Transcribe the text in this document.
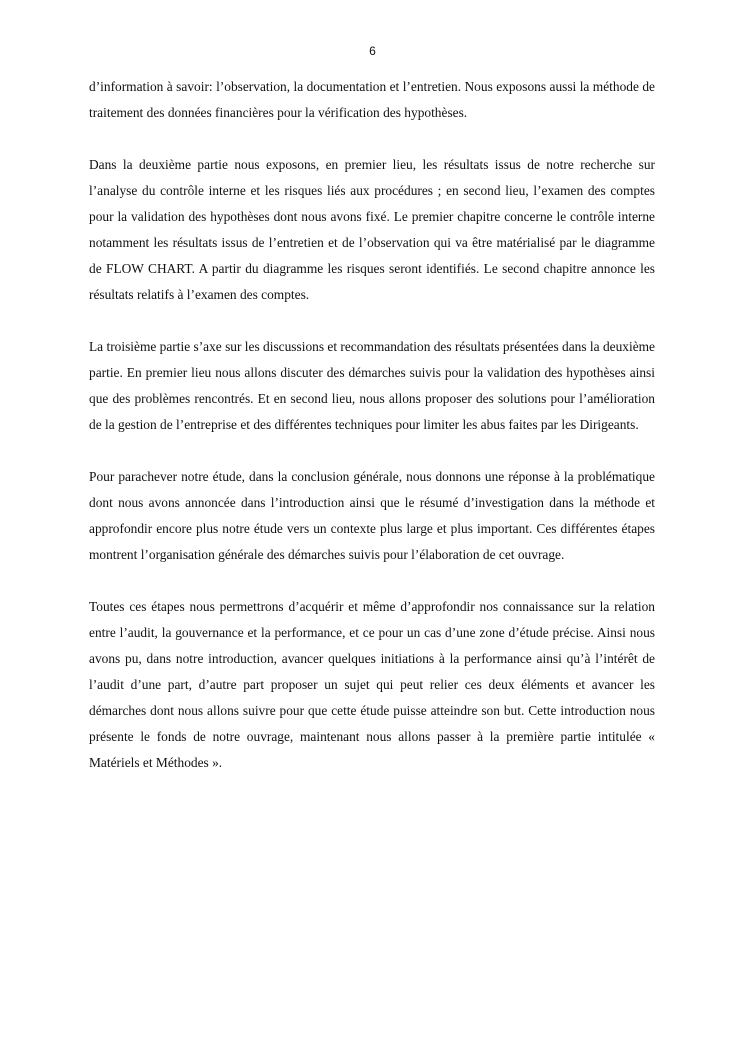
6

d’information à savoir: l’observation, la documentation et l’entretien. Nous exposons aussi la méthode de traitement des données financières pour la vérification des hypothèses.

Dans la deuxième partie nous exposons, en premier lieu, les résultats issus de notre recherche sur l’analyse du contrôle interne et les risques liés aux procédures ; en second lieu, l’examen des comptes pour la validation des hypothèses dont nous avons fixé. Le premier chapitre concerne le contrôle interne notamment les résultats issus de l’entretien et de l’observation qui va être matérialisé par le diagramme de FLOW CHART. A partir du diagramme les risques seront identifiés. Le second chapitre annonce les résultats relatifs à l’examen des comptes.

La troisième partie s’axe sur les discussions et recommandation des résultats présentées dans la deuxième partie. En premier lieu nous allons discuter des démarches suivis pour la validation des hypothèses ainsi que des problèmes rencontrés. Et en second lieu, nous allons proposer des solutions pour l’amélioration de la gestion de l’entreprise et des différentes techniques pour limiter les abus faites par les Dirigeants.

Pour parachever notre étude, dans la conclusion générale, nous donnons une réponse à la problématique dont nous avons annoncée dans l’introduction ainsi que le résumé d’investigation dans la méthode et approfondir encore plus notre étude vers un contexte plus large et plus important. Ces différentes étapes montrent l’organisation générale des démarches suivis pour l’élaboration de cet ouvrage.

Toutes ces étapes nous permettrons d’acquérir et même d’approfondir nos connaissance sur la relation entre l’audit, la gouvernance et la performance, et ce pour un cas d’une zone d’étude précise. Ainsi nous avons pu, dans notre introduction, avancer quelques initiations à la performance ainsi qu’à l’intérêt de l’audit d’une part, d’autre part proposer un sujet qui peut relier ces deux éléments et avancer les démarches dont nous allons suivre pour que cette étude puisse atteindre son but. Cette introduction nous présente le fonds de notre ouvrage, maintenant nous allons passer à la première partie intitulée « Matériels et Méthodes ».
